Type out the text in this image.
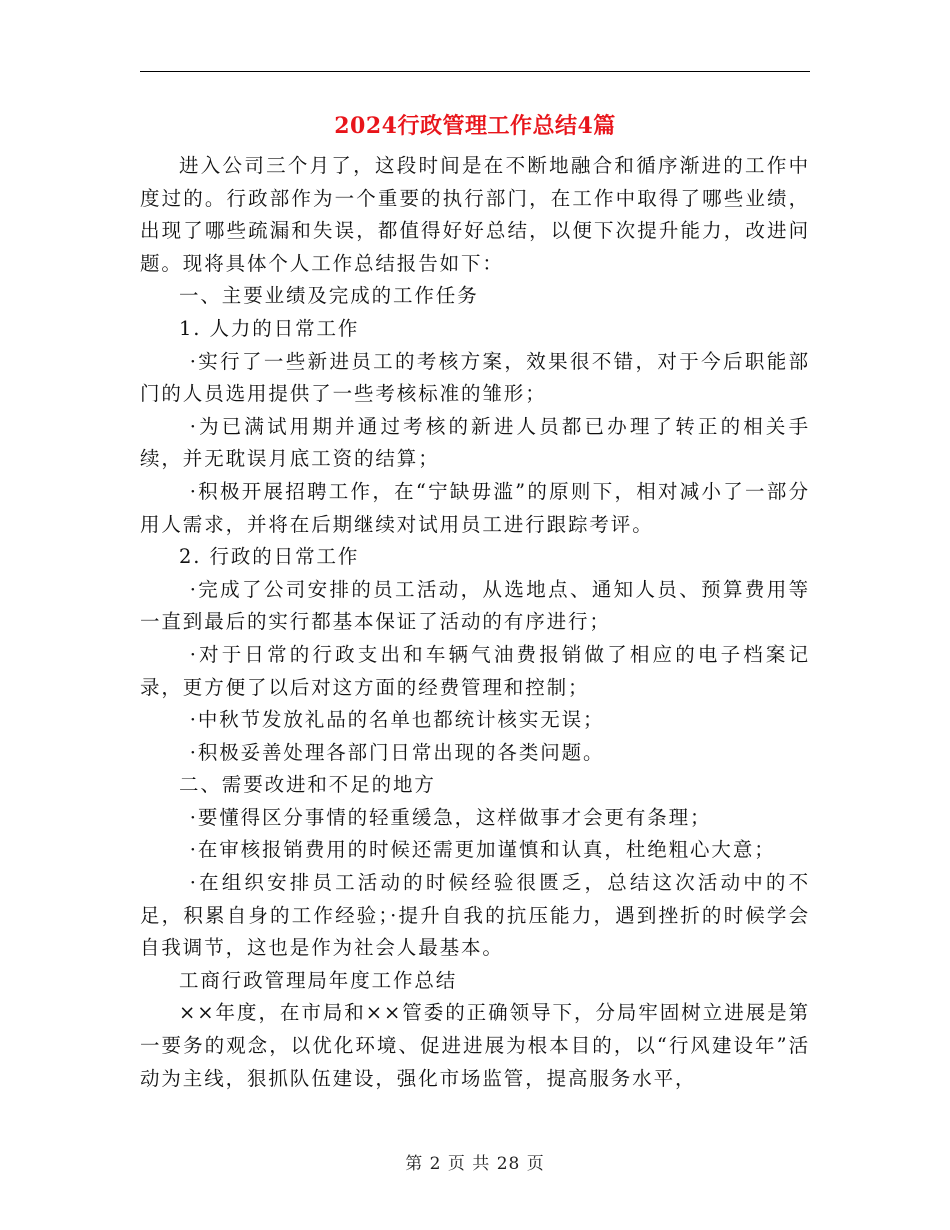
2024行政管理工作总结4篇

进入公司三个月了，这段时间是在不断地融合和循序渐进的工作中度过的。行政部作为一个重要的执行部门，在工作中取得了哪些业绩，出现了哪些疏漏和失误，都值得好好总结，以便下次提升能力，改进问题。现将具体个人工作总结报告如下：

一、主要业绩及完成的工作任务

1. 人力的日常工作

·实行了一些新进员工的考核方案，效果很不错，对于今后职能部门的人员选用提供了一些考核标准的雏形；

·为已满试用期并通过考核的新进人员都已办理了转正的相关手续，并无耽误月底工资的结算；

·积极开展招聘工作，在“宁缺毋滥”的原则下，相对减小了一部分用人需求，并将在后期继续对试用员工进行跟踪考评。

2. 行政的日常工作

·完成了公司安排的员工活动，从选地点、通知人员、预算费用等一直到最后的实行都基本保证了活动的有序进行；

·对于日常的行政支出和车辆气油费报销做了相应的电子档案记录，更方便了以后对这方面的经费管理和控制；

·中秋节发放礼品的名单也都统计核实无误；

·积极妥善处理各部门日常出现的各类问题。

二、需要改进和不足的地方

·要懂得区分事情的轻重缓急，这样做事才会更有条理；

·在审核报销费用的时候还需更加谨慎和认真，杜绝粗心大意；

·在组织安排员工活动的时候经验很匮乏，总结这次活动中的不足，积累自身的工作经验；·提升自我的抗压能力，遇到挫折的时候学会自我调节，这也是作为社会人最基本。

工商行政管理局年度工作总结

××年度，在市局和××管委的正确领导下，分局牢固树立进展是第一要务的观念，以优化环境、促进进展为根本目的，以“行风建设年”活动为主线，狠抓队伍建设，强化市场监管，提高服务水平，

第 2 页 共 28 页
